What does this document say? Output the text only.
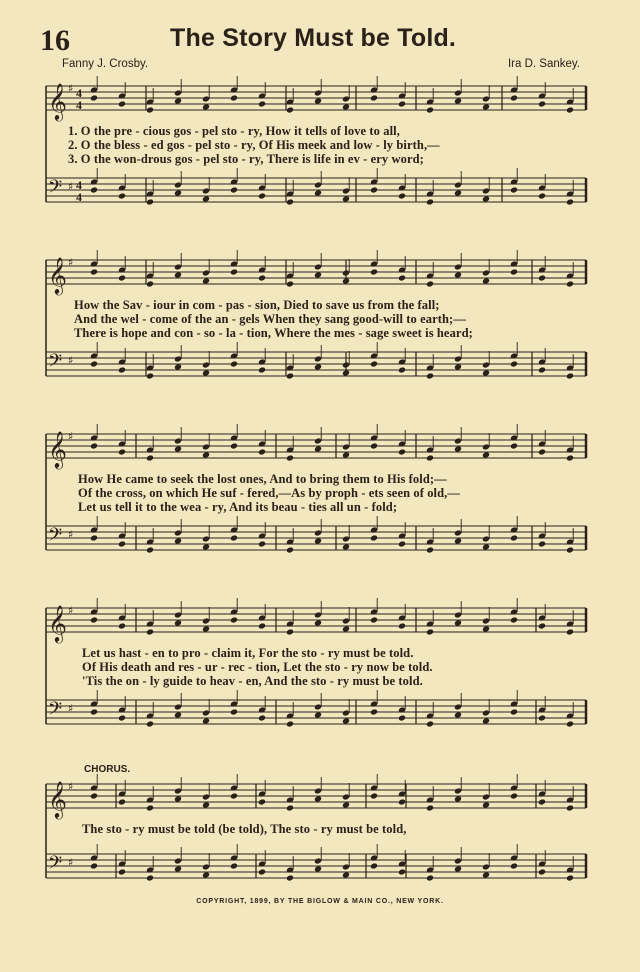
16	The Story Must be Told.
Fanny J. Crosby.	Ira D. Sankey.
𝄞 ♯ 4
4
𝄢 ♯ 4
4
1. O the pre - cious gos - pel sto - ry, How it tells of love to all,
2. O the bless - ed gos - pel sto - ry, Of His meek and low - ly birth,—
3. O the won-drous gos - pel sto - ry, There is life in ev - ery word;
𝄞 ♯
𝄢 ♯
How the Sav - iour in com - pas - sion, Died to save us from the fall;
And the wel - come of the an - gels When they sang good-will to earth;—
There is hope and con - so - la - tion, Where the mes - sage sweet is heard;
𝄞 ♯
𝄢 ♯
How He came to seek the lost ones, And to bring them to His fold;—
Of the cross, on which He suf - fered,—As by proph - ets seen of old,—
Let us tell it to the wea - ry, And its beau - ties all un - fold;
𝄞 ♯
𝄢 ♯
Let us hast - en to pro - claim it, For the sto - ry must be told.
Of His death and res - ur - rec - tion, Let the sto - ry now be told.
'Tis the on - ly guide to heav - en, And the sto - ry must be told.
CHORUS.
𝄞 ♯
𝄢 ♯
The sto - ry must be told (be told), The sto - ry must be told,
COPYRIGHT, 1899, BY THE BIGLOW & MAIN CO., NEW YORK.
